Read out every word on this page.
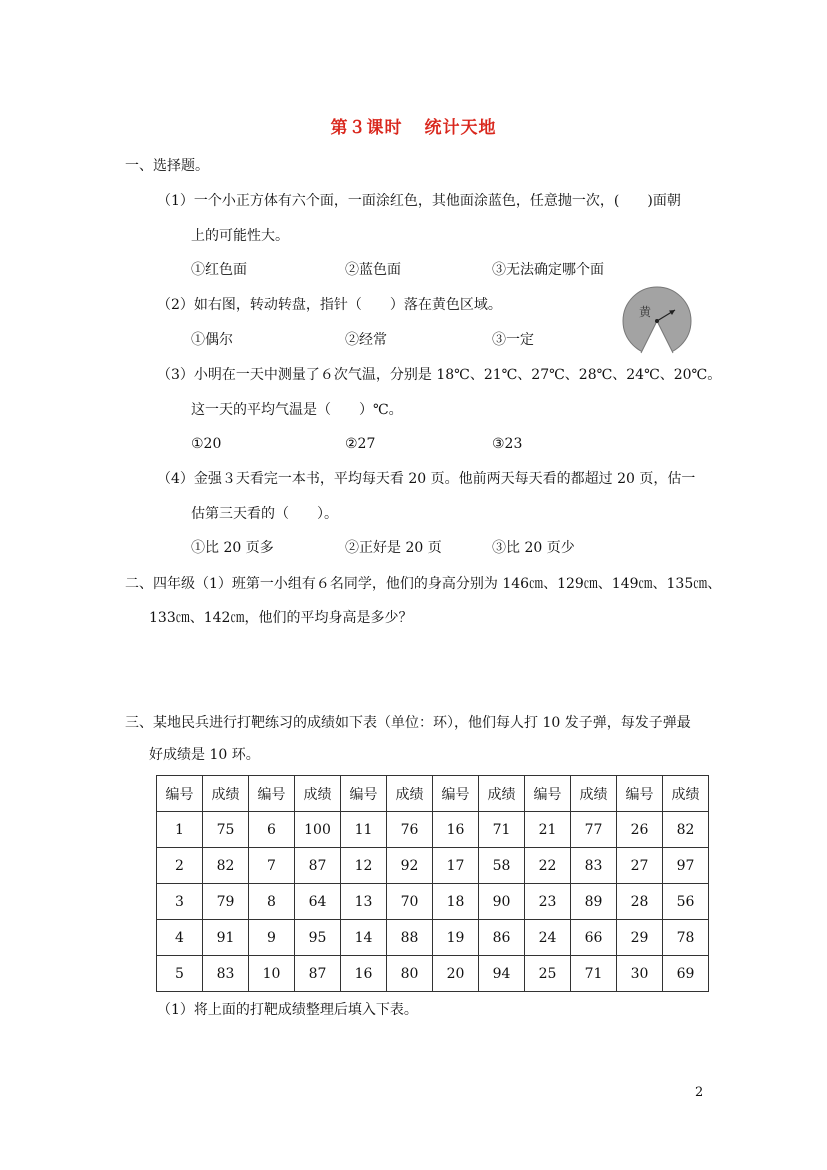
第３课时 统计天地
一、选择题。
（1）一个小正方体有六个面，一面涂红色，其他面涂蓝色，任意抛一次，(　　)面朝
上的可能性大。
①红色面	②蓝色面	③无法确定哪个面
（2）如右图，转动转盘，指针（　　）落在黄色区域。
①偶尔	②经常	③一定
黄
（3）小明在一天中测量了６次气温，分别是 18℃、21℃、27℃、28℃、24℃、20℃。
这一天的平均气温是（　　）℃。
①20	②27	③23
（4）金强３天看完一本书，平均每天看 20 页。他前两天每天看的都超过 20 页，估一
估第三天看的（　　）。
①比 20 页多	②正好是 20 页	③比 20 页少
二、四年级（1）班第一小组有６名同学，他们的身高分别为 146㎝、129㎝、149㎝、135㎝、
133㎝、142㎝，他们的平均身高是多少？
三、某地民兵进行打靶练习的成绩如下表（单位：环），他们每人打 10 发子弹，每发子弹最
好成绩是 10 环。
编号	成绩	编号	成绩	编号	成绩	编号	成绩	编号	成绩	编号	成绩
1	75	6	100	11	76	16	71	21	77	26	82
2	82	7	87	12	92	17	58	22	83	27	97
3	79	8	64	13	70	18	90	23	89	28	56
4	91	9	95	14	88	19	86	24	66	29	78
5	83	10	87	16	80	20	94	25	71	30	69
（1）将上面的打靶成绩整理后填入下表。
2
